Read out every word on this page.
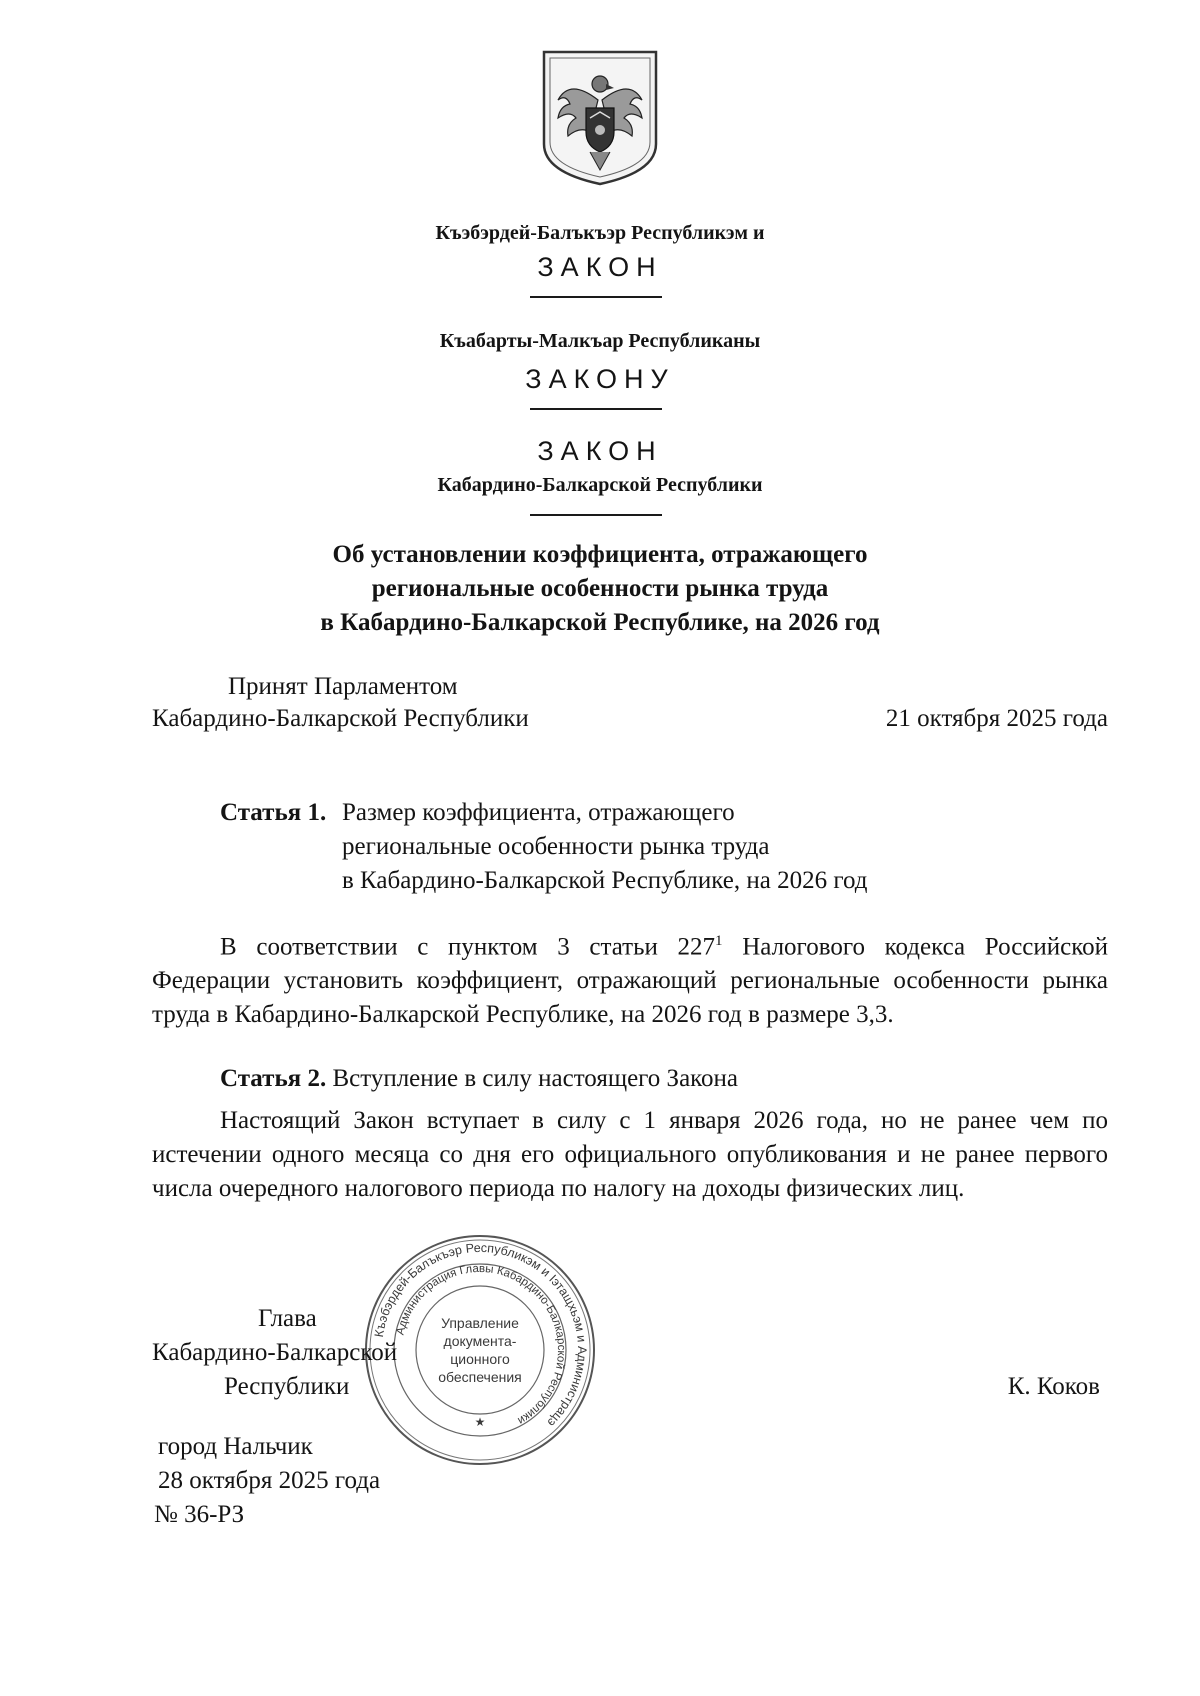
Къэбэрдей-Балъкъэр Республикэм и
ЗАКОН
Къабарты-Малкъар Республиканы
ЗАКОНУ
ЗАКОН
Кабардино-Балкарской Республики
Об установлении коэффициента, отражающего
региональные особенности рынка труда
в Кабардино-Балкарской Республике, на 2026 год
Принят Парламентом
Кабардино-Балкарской Республики	21 октября 2025 года
Статья 1. Размер коэффициента, отражающего
региональные особенности рынка труда
в Кабардино-Балкарской Республике, на 2026 год
В соответствии с пунктом 3 статьи $227^1$ Налогового кодекса Российской Федерации установить коэффициент, отражающий региональные особенности рынка труда в Кабардино-Балкарской Республике, на 2026 год в размере 3,3.
Статья 2. Вступление в силу настоящего Закона
Настоящий Закон вступает в силу с 1 января 2026 года, но не ранее чем по истечении одного месяца со дня его официального опубликования и не ранее первого числа очередного налогового периода по налогу на доходы физических лиц.
Къэбэрдей-Балъкъэр Республикэм и Iэтащхьэм и Администрацэ
Администрация Главы Кабардино-Балкарской Республики
Управление
документа-
ционного
обеспечения
★
Глава
Кабардино-Балкарской
Республики	К. Коков
город Нальчик
28 октября 2025 года
№ 36-РЗ
